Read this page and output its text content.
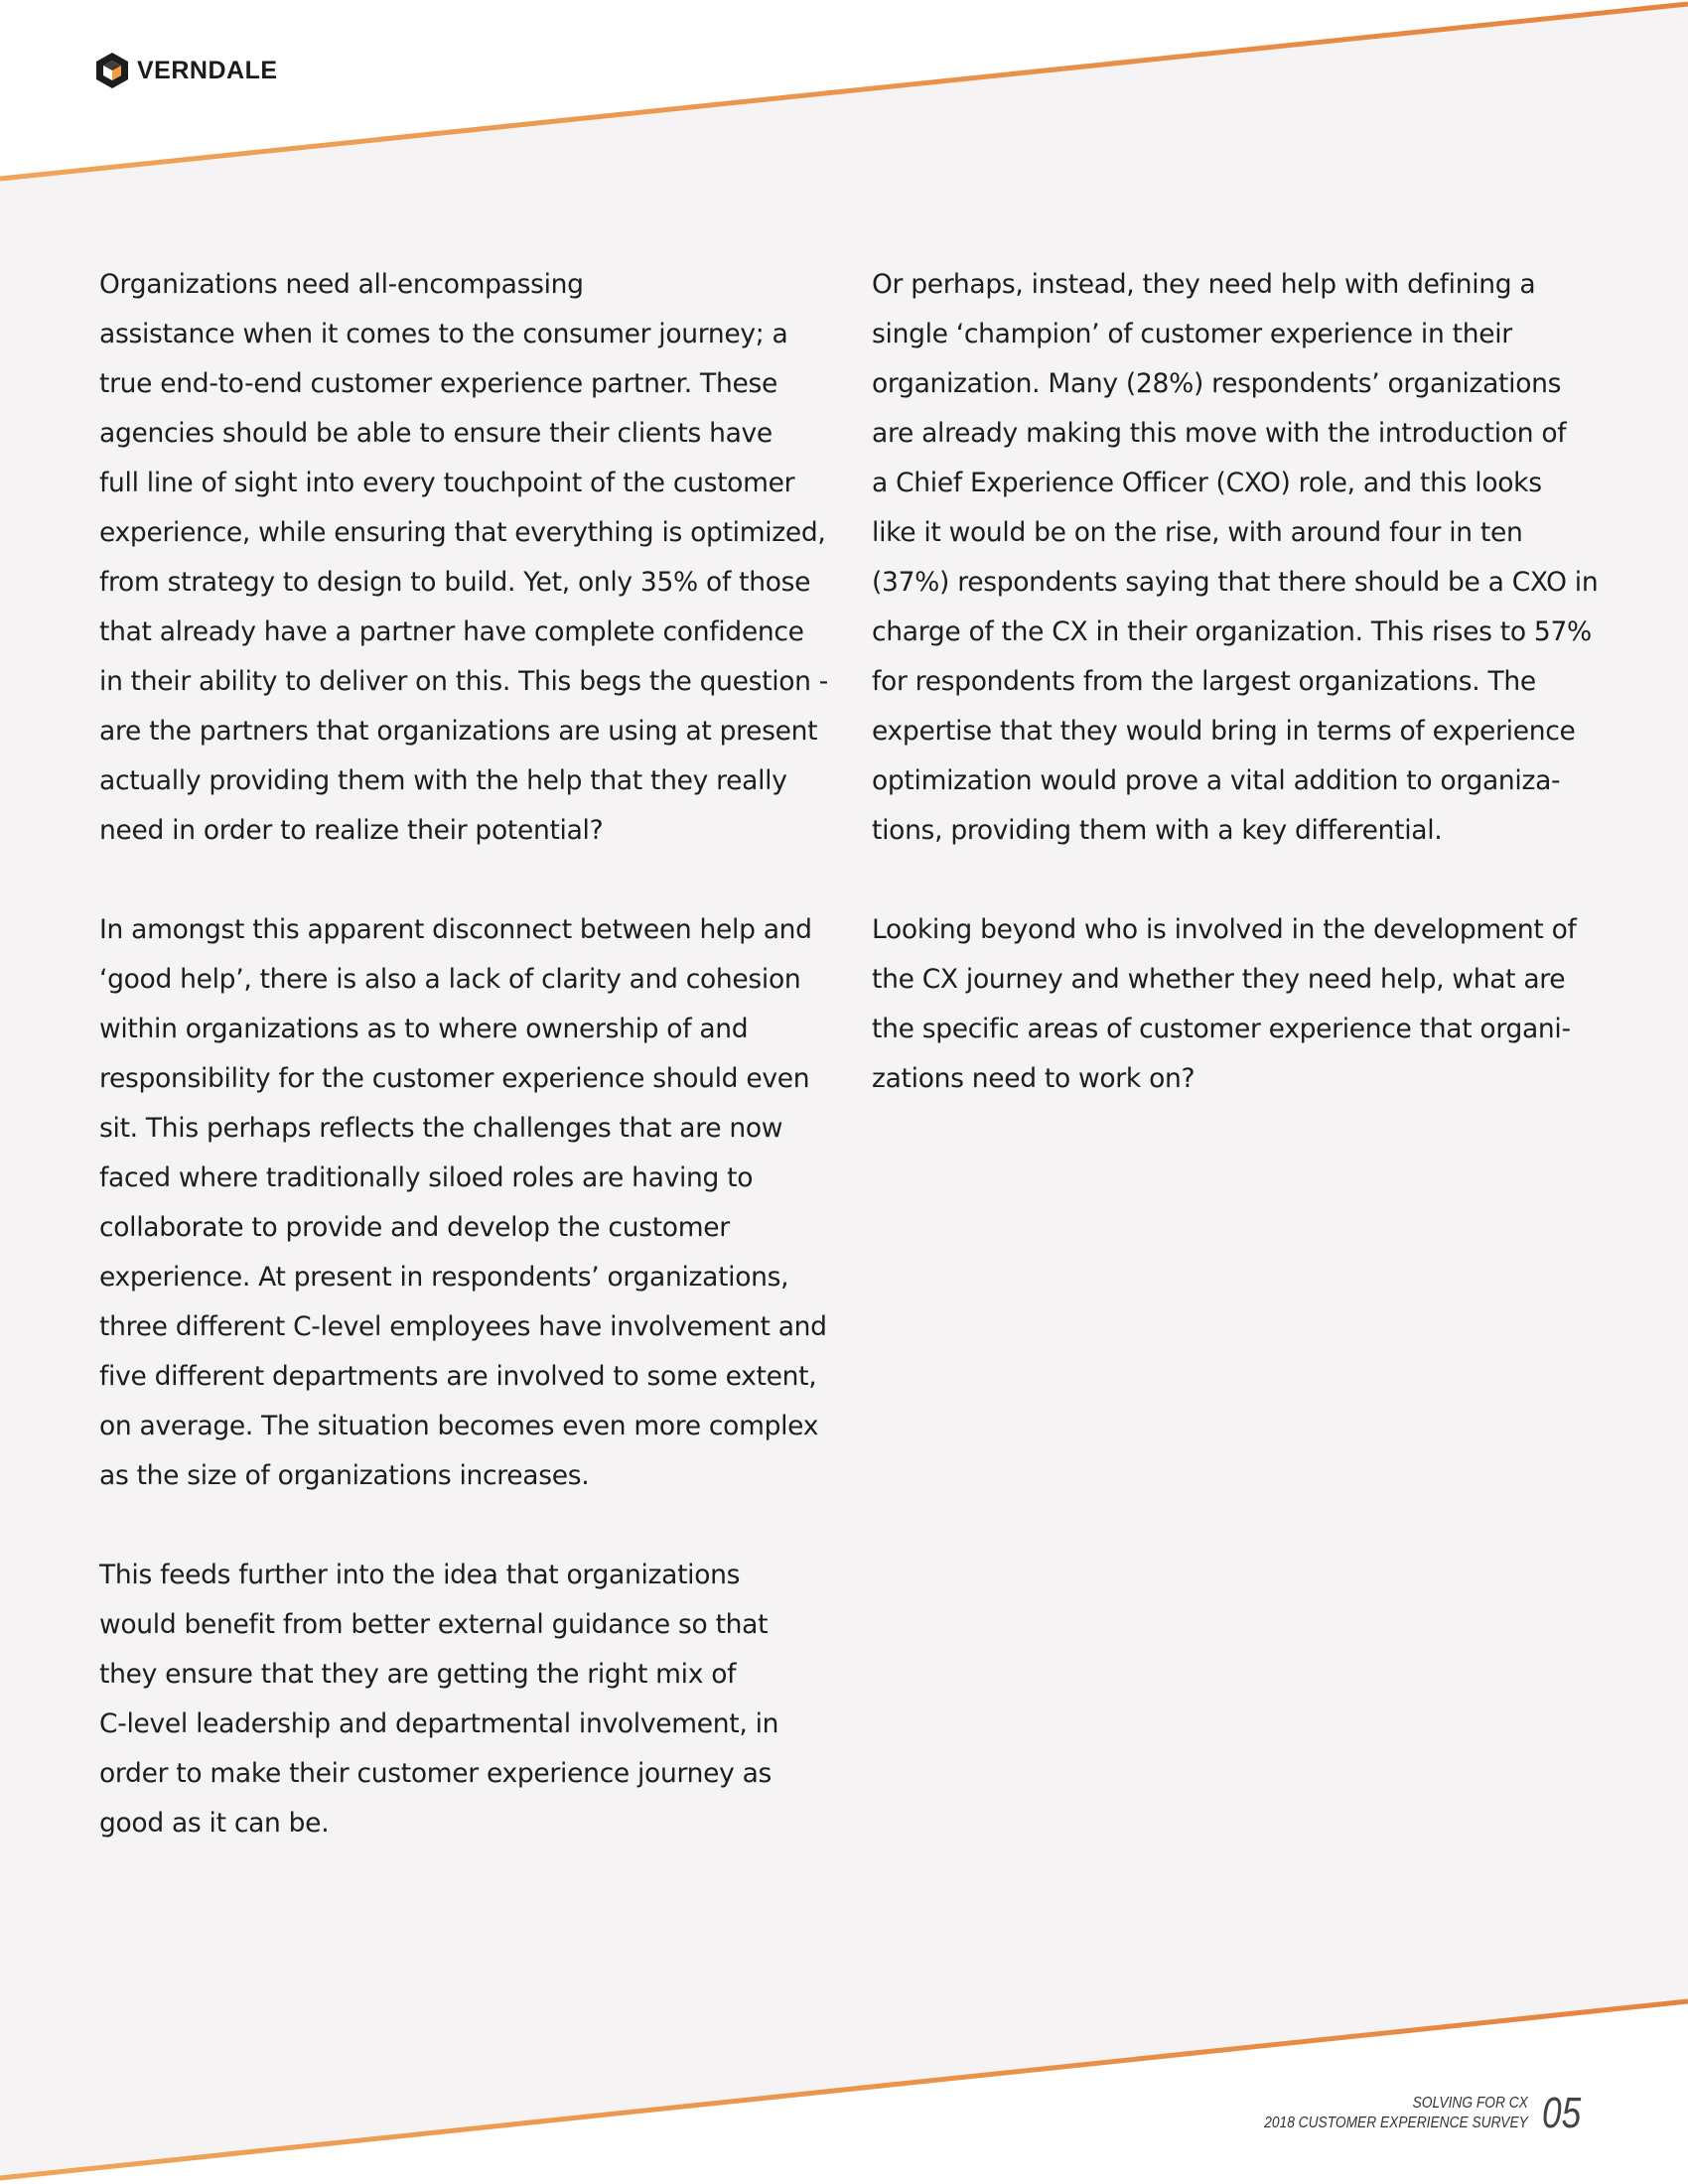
VERNDALE

Organizations need all-encompassing
assistance when it comes to the consumer journey; a
true end-to-end customer experience partner. These
agencies should be able to ensure their clients have
full line of sight into every touchpoint of the customer
experience, while ensuring that everything is optimized,
from strategy to design to build. Yet, only 35% of those
that already have a partner have complete confidence
in their ability to deliver on this. This begs the question -
are the partners that organizations are using at present
actually providing them with the help that they really
need in order to realize their potential?

In amongst this apparent disconnect between help and
‘good help’, there is also a lack of clarity and cohesion
within organizations as to where ownership of and
responsibility for the customer experience should even
sit. This perhaps reflects the challenges that are now
faced where traditionally siloed roles are having to
collaborate to provide and develop the customer
experience. At present in respondents’ organizations,
three different C-level employees have involvement and
five different departments are involved to some extent,
on average. The situation becomes even more complex
as the size of organizations increases.

This feeds further into the idea that organizations
would benefit from better external guidance so that
they ensure that they are getting the right mix of
C-level leadership and departmental involvement, in
order to make their customer experience journey as
good as it can be.

Or perhaps, instead, they need help with defining a
single ‘champion’ of customer experience in their
organization. Many (28%) respondents’ organizations
are already making this move with the introduction of
a Chief Experience Officer (CXO) role, and this looks
like it would be on the rise, with around four in ten
(37%) respondents saying that there should be a CXO in
charge of the CX in their organization. This rises to 57%
for respondents from the largest organizations. The
expertise that they would bring in terms of experience
optimization would prove a vital addition to organiza-
tions, providing them with a key differential.

Looking beyond who is involved in the development of
the CX journey and whether they need help, what are
the specific areas of customer experience that organi-
zations need to work on?

SOLVING FOR CX
2018 CUSTOMER EXPERIENCE SURVEY 05
